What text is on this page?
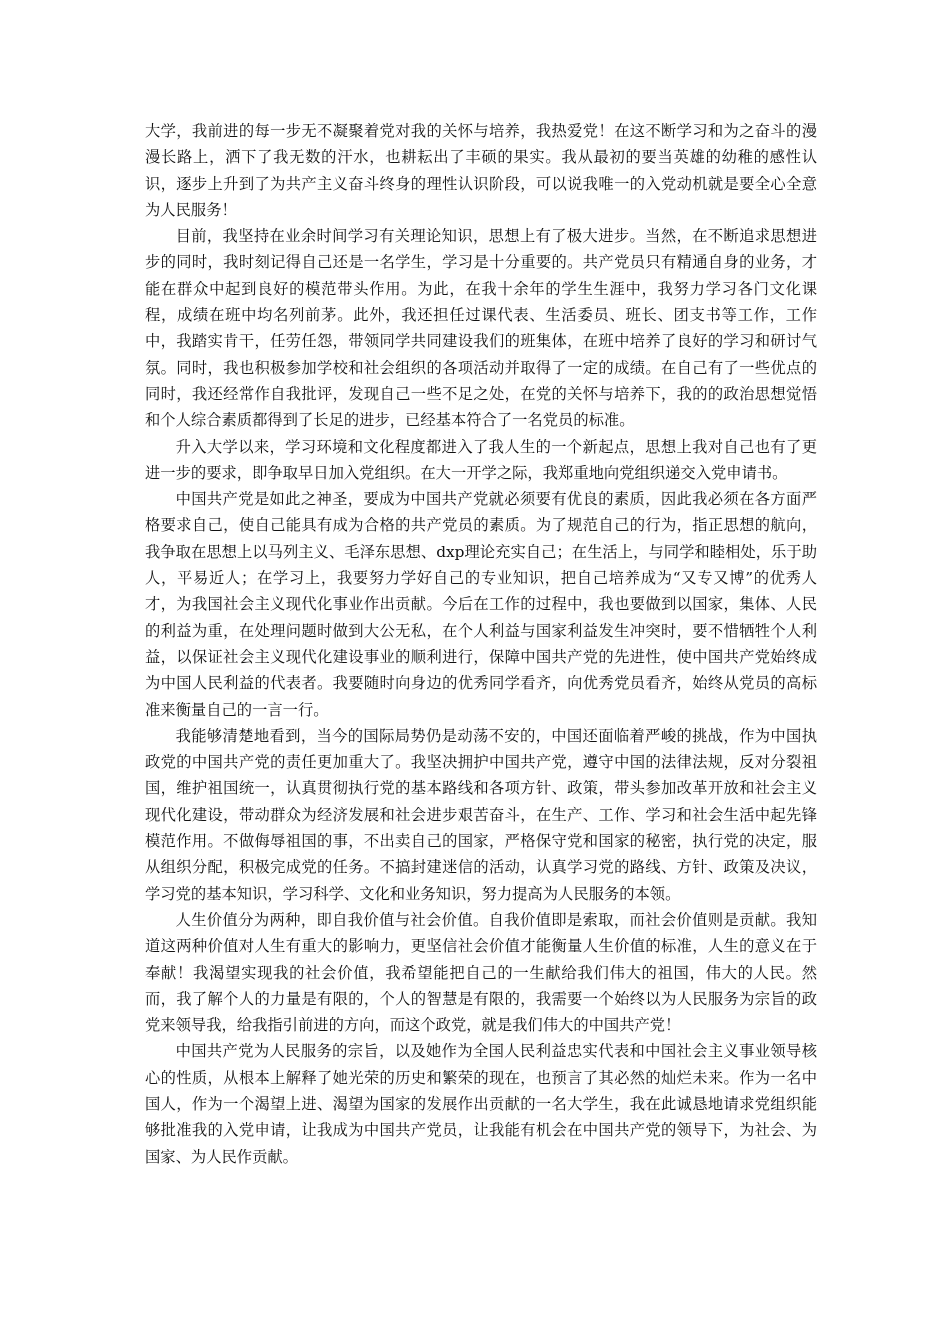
大学，我前进的每一步无不凝聚着党对我的关怀与培养，我热爱党！在这不断学习和为之奋斗的漫漫长路上，洒下了我无数的汗水，也耕耘出了丰硕的果实。我从最初的要当英雄的幼稚的感性认识，逐步上升到了为共产主义奋斗终身的理性认识阶段，可以说我唯一的入党动机就是要全心全意为人民服务！

目前，我坚持在业余时间学习有关理论知识，思想上有了极大进步。当然，在不断追求思想进步的同时，我时刻记得自己还是一名学生，学习是十分重要的。共产党员只有精通自身的业务，才能在群众中起到良好的模范带头作用。为此，在我十余年的学生生涯中，我努力学习各门文化课程，成绩在班中均名列前茅。此外，我还担任过课代表、生活委员、班长、团支书等工作，工作中，我踏实肯干，任劳任怨，带领同学共同建设我们的班集体，在班中培养了良好的学习和研讨气氛。同时，我也积极参加学校和社会组织的各项活动并取得了一定的成绩。在自己有了一些优点的同时，我还经常作自我批评，发现自己一些不足之处，在党的关怀与培养下，我的的政治思想觉悟和个人综合素质都得到了长足的进步，已经基本符合了一名党员的标准。

升入大学以来，学习环境和文化程度都进入了我人生的一个新起点，思想上我对自己也有了更进一步的要求，即争取早日加入党组织。在大一开学之际，我郑重地向党组织递交入党申请书。

中国共产党是如此之神圣，要成为中国共产党就必须要有优良的素质，因此我必须在各方面严格要求自己，使自己能具有成为合格的共产党员的素质。为了规范自己的行为，指正思想的航向，我争取在思想上以马列主义、毛泽东思想、dxp理论充实自己；在生活上，与同学和睦相处，乐于助人，平易近人；在学习上，我要努力学好自己的专业知识，把自己培养成为“又专又博”的优秀人才，为我国社会主义现代化事业作出贡献。今后在工作的过程中，我也要做到以国家，集体、人民的利益为重，在处理问题时做到大公无私，在个人利益与国家利益发生冲突时，要不惜牺牲个人利益，以保证社会主义现代化建设事业的顺利进行，保障中国共产党的先进性，使中国共产党始终成为中国人民利益的代表者。我要随时向身边的优秀同学看齐，向优秀党员看齐，始终从党员的高标准来衡量自己的一言一行。

我能够清楚地看到，当今的国际局势仍是动荡不安的，中国还面临着严峻的挑战，作为中国执政党的中国共产党的责任更加重大了。我坚决拥护中国共产党，遵守中国的法律法规，反对分裂祖国，维护祖国统一，认真贯彻执行党的基本路线和各项方针、政策，带头参加改革开放和社会主义现代化建设，带动群众为经济发展和社会进步艰苦奋斗，在生产、工作、学习和社会生活中起先锋模范作用。不做侮辱祖国的事，不出卖自己的国家，严格保守党和国家的秘密，执行党的决定，服从组织分配，积极完成党的任务。不搞封建迷信的活动，认真学习党的路线、方针、政策及决议，学习党的基本知识，学习科学、文化和业务知识，努力提高为人民服务的本领。

人生价值分为两种，即自我价值与社会价值。自我价值即是索取，而社会价值则是贡献。我知道这两种价值对人生有重大的影响力，更坚信社会价值才能衡量人生价值的标准，人生的意义在于奉献！我渴望实现我的社会价值，我希望能把自己的一生献给我们伟大的祖国，伟大的人民。然而，我了解个人的力量是有限的，个人的智慧是有限的，我需要一个始终以为人民服务为宗旨的政党来领导我，给我指引前进的方向，而这个政党，就是我们伟大的中国共产党！

中国共产党为人民服务的宗旨，以及她作为全国人民利益忠实代表和中国社会主义事业领导核心的性质，从根本上解释了她光荣的历史和繁荣的现在，也预言了其必然的灿烂未来。作为一名中国人，作为一个渴望上进、渴望为国家的发展作出贡献的一名大学生，我在此诚恳地请求党组织能够批准我的入党申请，让我成为中国共产党员，让我能有机会在中国共产党的领导下，为社会、为国家、为人民作贡献。
